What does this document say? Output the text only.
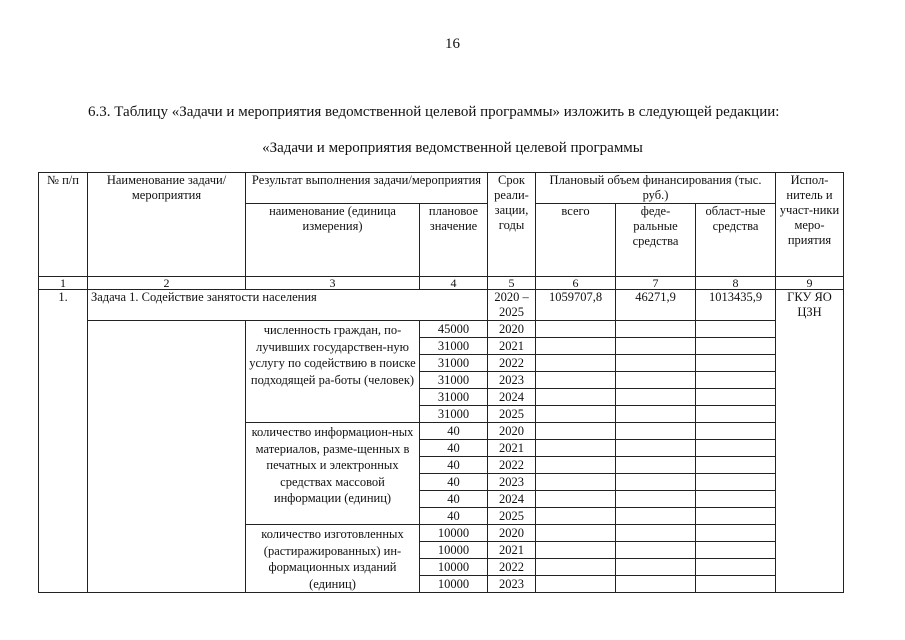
16
6.3. Таблицу «Задачи и мероприятия ведомственной целевой программы» изложить в следующей редакции:
«Задачи и мероприятия ведомственной целевой программы
№ п/п	Наименование задачи/мероприятия	Результат выполнения задачи/мероприятия		Срок реали-зации, годы	Плановый объем финансирования (тыс. руб.)			Испол-нитель и участ-ники меро-приятия
		наименование (единица измерения)	плановое значение		всего	феде-ральные средства	област-ные средства	
1	2	3	4	5	6	7	8	9
1.	Задача 1. Содействие занятости населения			2020 – 2025	1059707,8	46271,9	1013435,9	ГКУ ЯО ЦЗН
		численность граждан, по-лучивших государствен-ную услугу по содействию в поиске подходящей ра-боты (человек)	45000	2020				
			31000	2021				
			31000	2022				
			31000	2023				
			31000	2024				
			31000	2025				
		количество информацион-ных материалов, разме-щенных в печатных и электронных средствах массовой информации (единиц)	40	2020				
			40	2021				
			40	2022				
			40	2023				
			40	2024				
			40	2025				
		количество изготовленных (растиражированных) ин-формационных изданий (единиц)	10000	2020				
			10000	2021				
			10000	2022				
			10000	2023				
